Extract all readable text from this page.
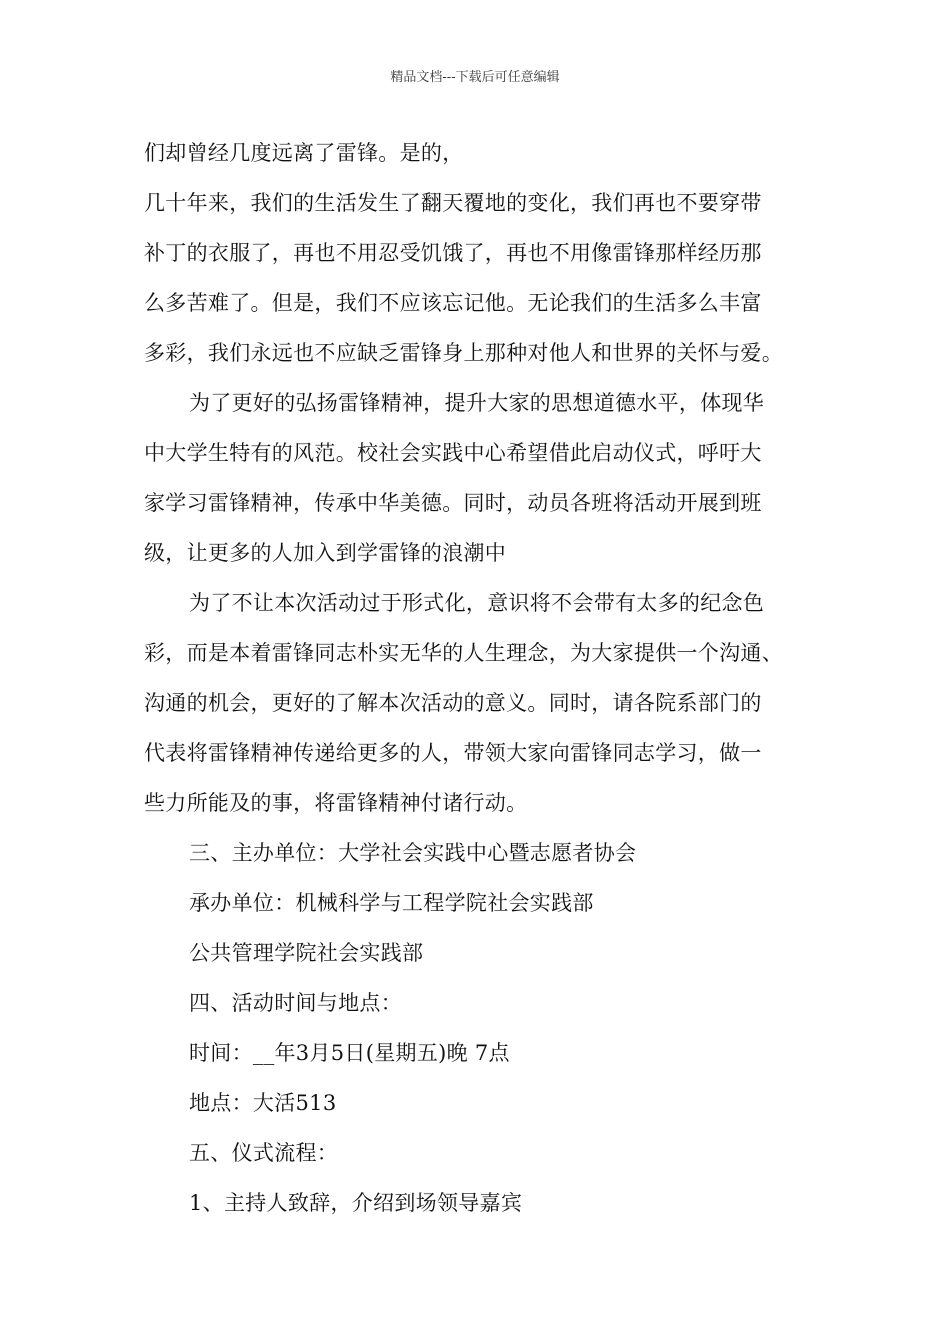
精品文档---下载后可任意编辑
们却曾经几度远离了雷锋。是的，
几十年来，我们的生活发生了翻天覆地的变化，我们再也不要穿带
补丁的衣服了，再也不用忍受饥饿了，再也不用像雷锋那样经历那
么多苦难了。但是，我们不应该忘记他。无论我们的生活多么丰富
多彩，我们永远也不应缺乏雷锋身上那种对他人和世界的关怀与爱。
为了更好的弘扬雷锋精神，提升大家的思想道德水平，体现华
中大学生特有的风范。校社会实践中心希望借此启动仪式，呼吁大
家学习雷锋精神，传承中华美德。同时，动员各班将活动开展到班
级，让更多的人加入到学雷锋的浪潮中
为了不让本次活动过于形式化，意识将不会带有太多的纪念色
彩，而是本着雷锋同志朴实无华的人生理念，为大家提供一个沟通、
沟通的机会，更好的了解本次活动的意义。同时，请各院系部门的
代表将雷锋精神传递给更多的人，带领大家向雷锋同志学习，做一
些力所能及的事，将雷锋精神付诸行动。
三、主办单位：大学社会实践中心暨志愿者协会
承办单位：机械科学与工程学院社会实践部
公共管理学院社会实践部
四、活动时间与地点：
时间：__年3月5日(星期五)晚 7点
地点：大活513
五、仪式流程：
1、主持人致辞，介绍到场领导嘉宾
